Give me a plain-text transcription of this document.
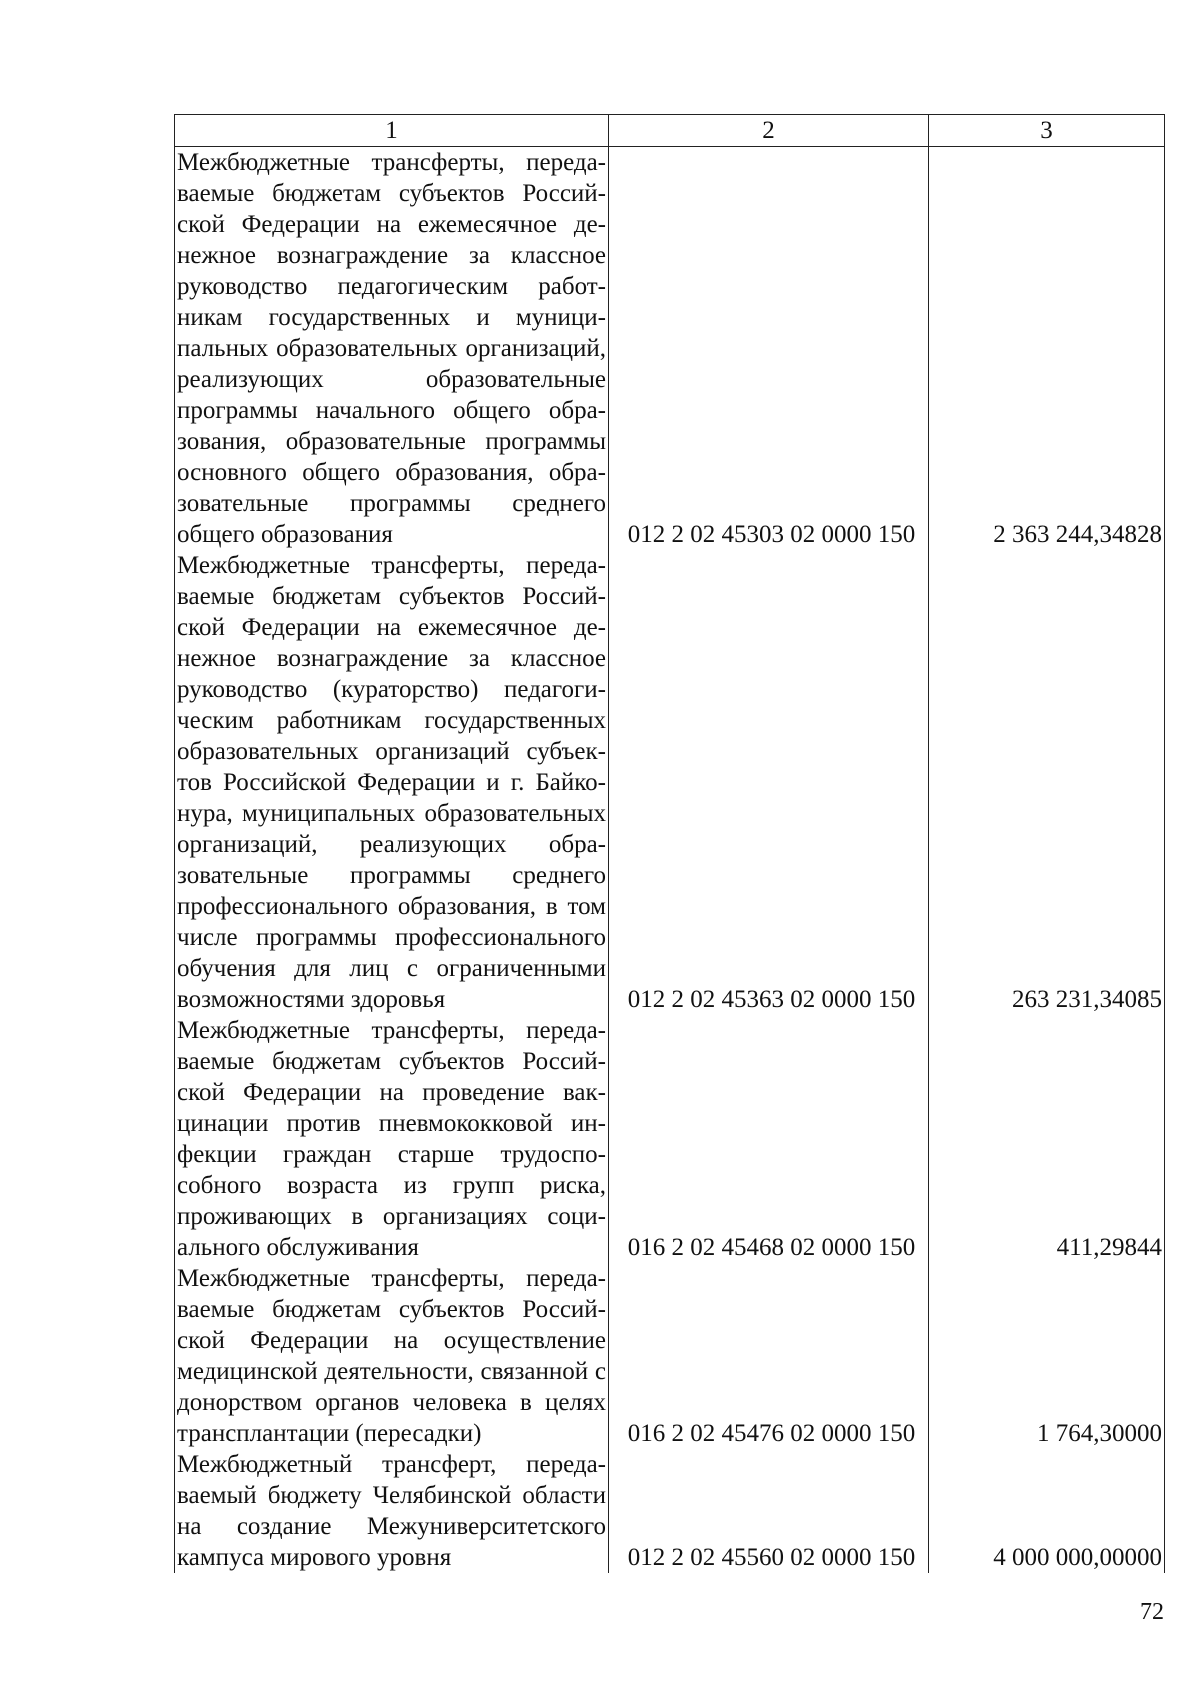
1	2	3
Межбюджетные трансферты, передаваемые бюджетам субъектов Российской Федерации на ежемесячное денежное вознаграждение за классное руководство педагогическим работникам государственных и муниципальных образовательных организаций, реализующих образовательные программы начального общего образования, образовательные программы основного общего образования, образовательные программы среднего общего образования	012 2 02 45303 02 0000 150	2 363 244,34828
Межбюджетные трансферты, передаваемые бюджетам субъектов Российской Федерации на ежемесячное денежное вознаграждение за классное руководство (кураторство) педагогическим работникам государственных образовательных организаций субъектов Российской Федерации и г. Байконура, муниципальных образовательных организаций, реализующих образовательные программы среднего профессионального образования, в том числе программы профессионального обучения для лиц с ограниченными возможностями здоровья	012 2 02 45363 02 0000 150	263 231,34085
Межбюджетные трансферты, передаваемые бюджетам субъектов Российской Федерации на проведение вакцинации против пневмококковой инфекции граждан старше трудоспособного возраста из групп риска, проживающих в организациях социального обслуживания	016 2 02 45468 02 0000 150	411,29844
Межбюджетные трансферты, передаваемые бюджетам субъектов Российской Федерации на осуществление медицинской деятельности, связанной с донорством органов человека в целях трансплантации (пересадки)	016 2 02 45476 02 0000 150	1 764,30000
Межбюджетный трансферт, передаваемый бюджету Челябинской области на создание Межуниверситетского кампуса мирового уровня	012 2 02 45560 02 0000 150	4 000 000,00000
72
